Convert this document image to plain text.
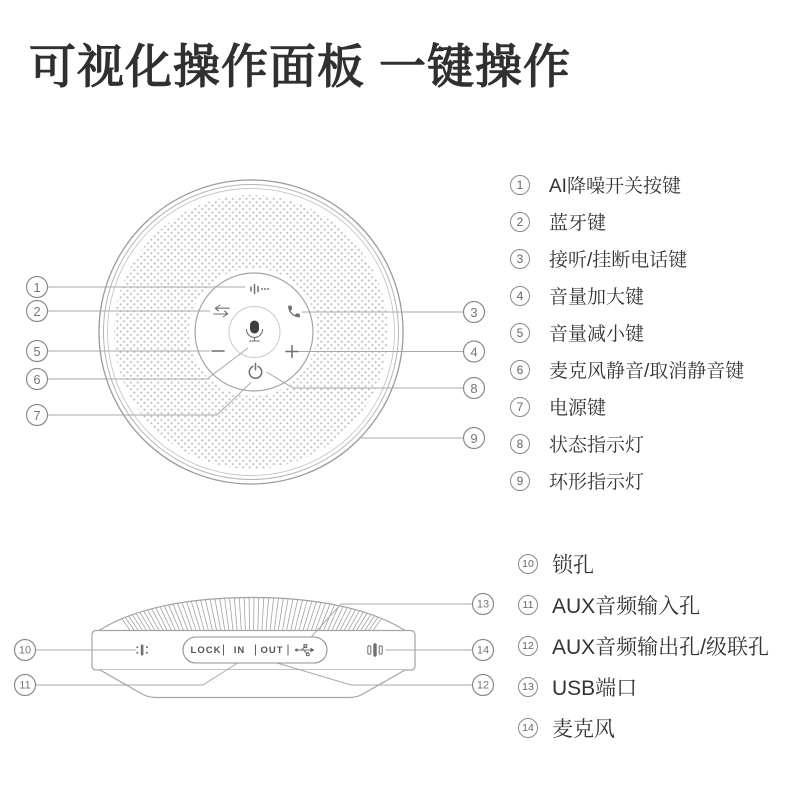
可视化操作面板 一键操作
1
2	3
4
5
6
7
8
9
LOCK IN OUT
10
11
13
14
12
1	AI降噪开关按键
2	蓝牙键
3	接听/挂断电话键
4	音量加大键
5	音量减小键
6	麦克风静音/取消静音键
7	电源键
8	状态指示灯
9	环形指示灯
10 锁孔
11 AUX音频输入孔
12 AUX音频输出孔/级联孔
13 USB端口
14 麦克风
